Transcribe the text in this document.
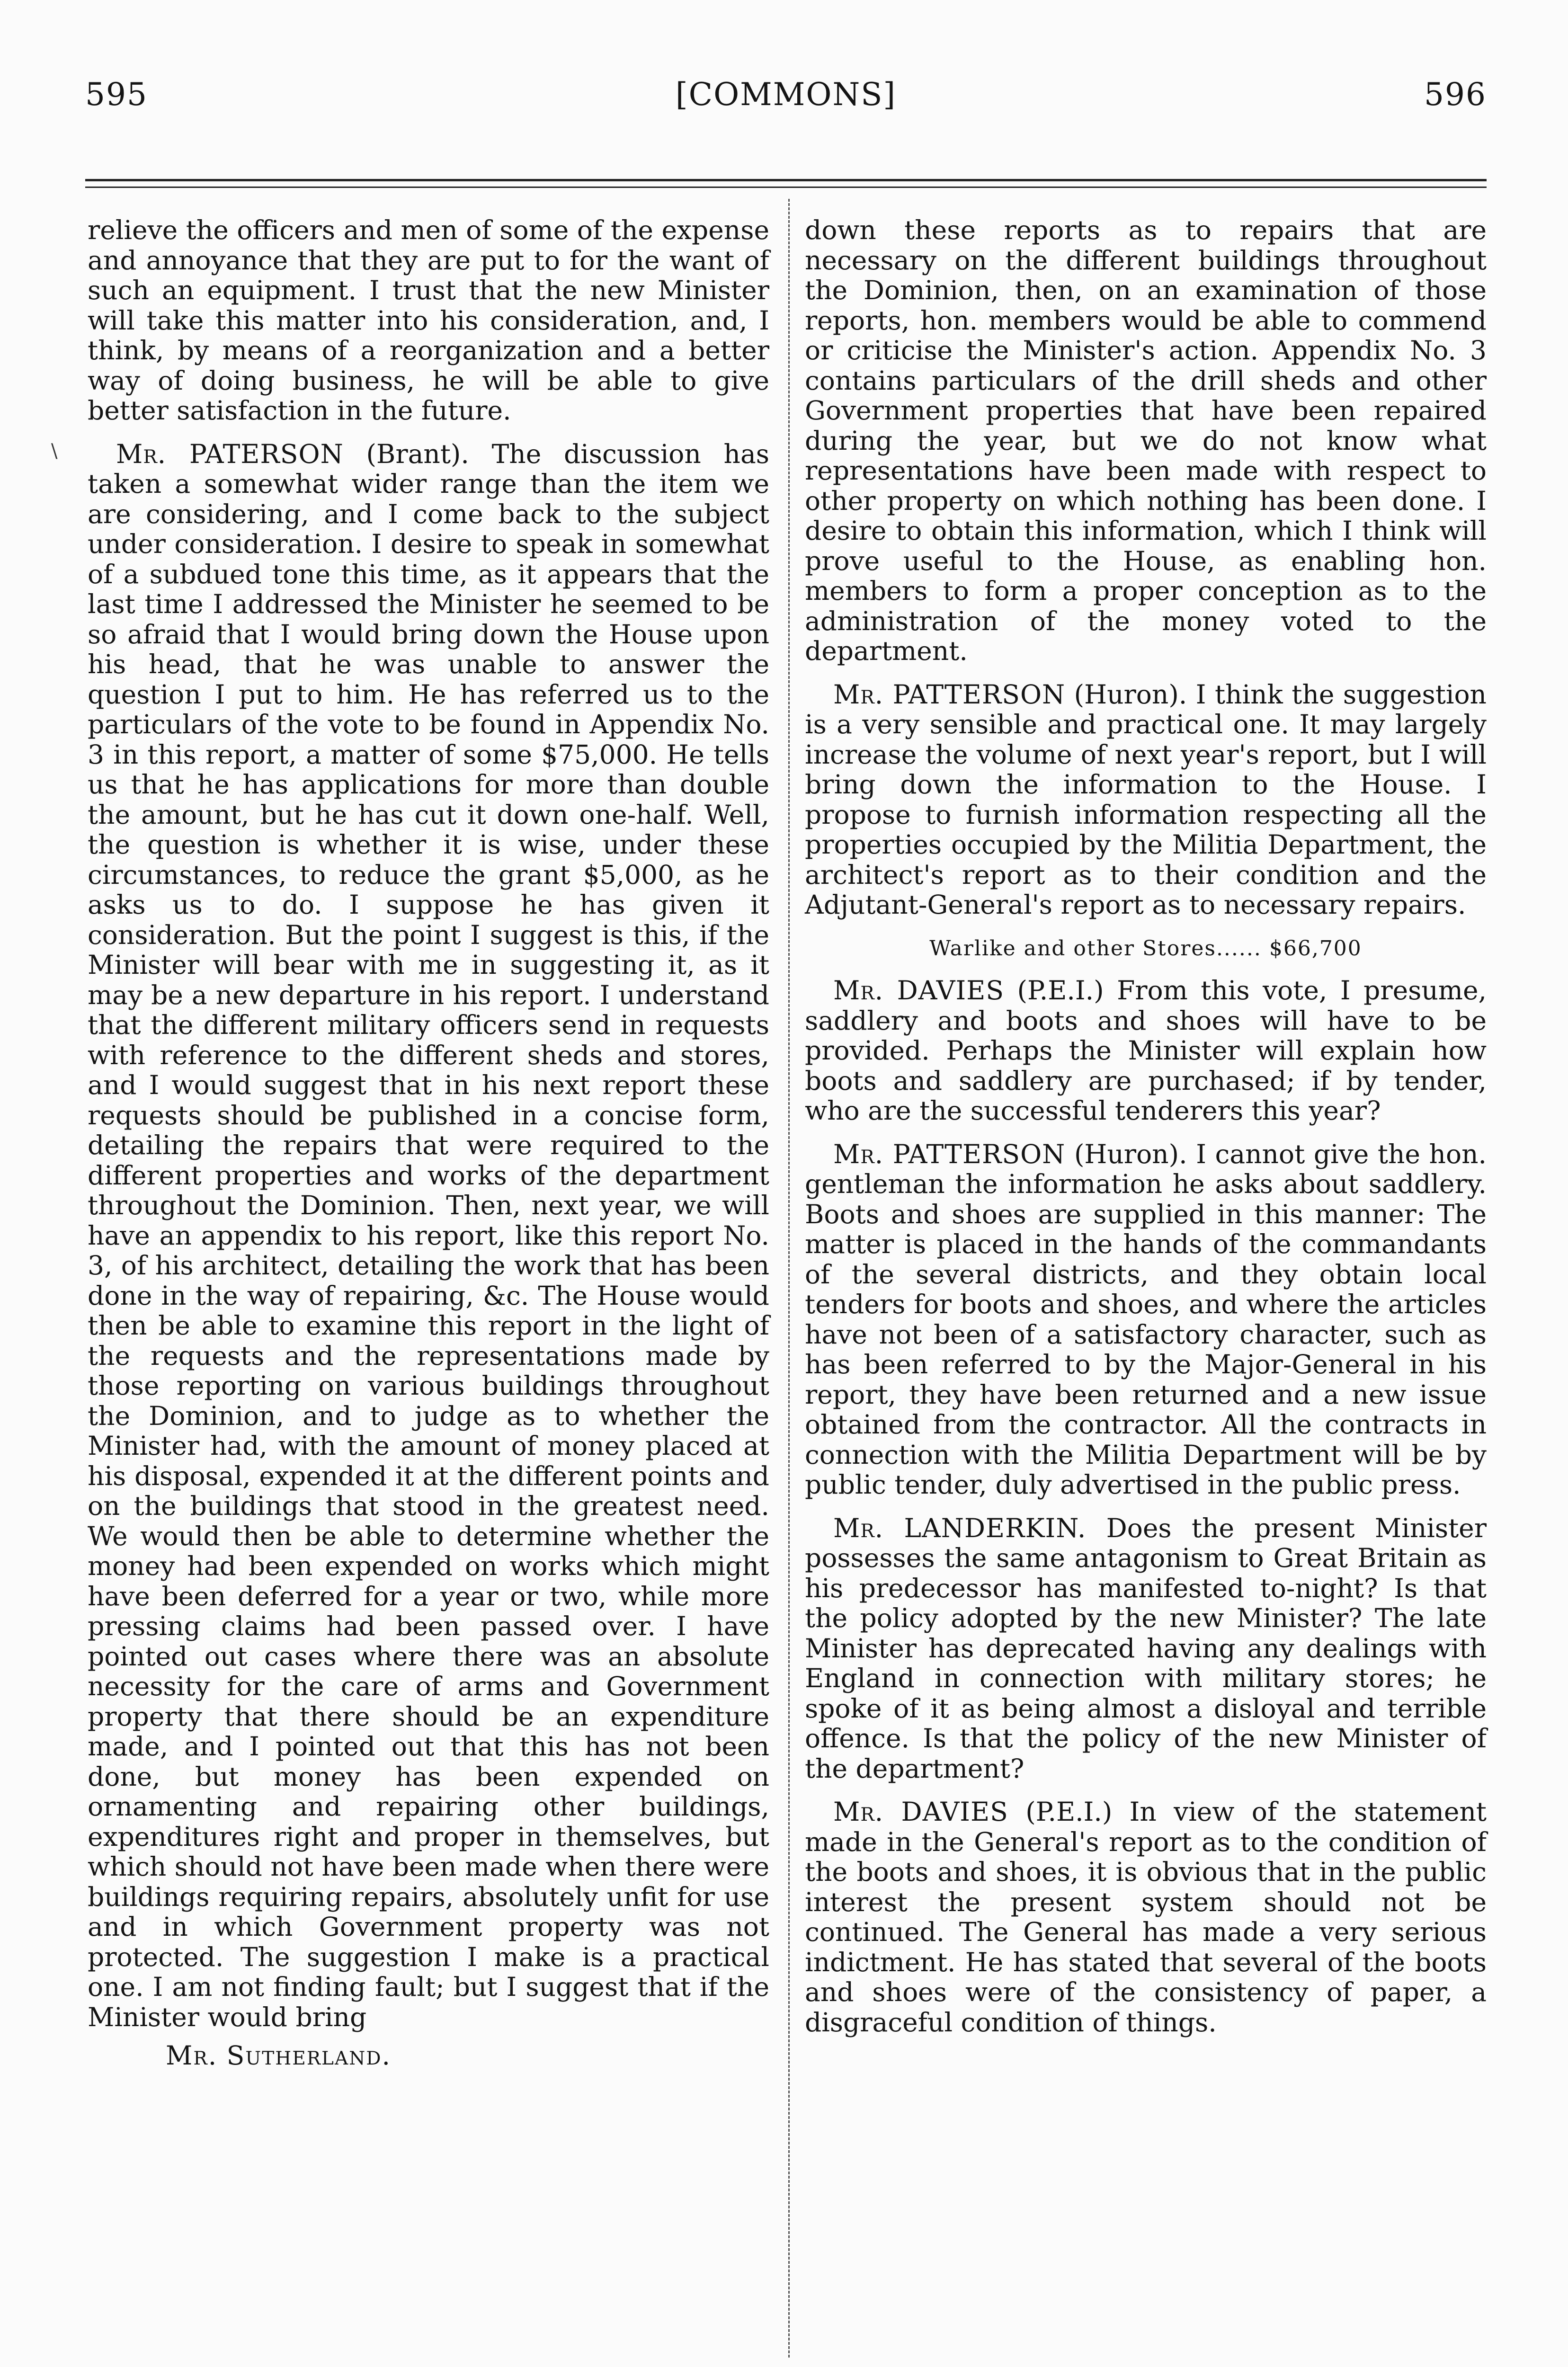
595	[COMMONS]	596
\

relieve the officers and men of some of the expense and annoyance that they are put to for the want of such an equipment. I trust that the new Minister will take this matter into his consideration, and, I think, by means of a reorganization and a better way of doing business, he will be able to give better satisfaction in the future.

Mr. PATERSON (Brant). The discussion has taken a somewhat wider range than the item we are considering, and I come back to the subject under consideration. I desire to speak in somewhat of a subdued tone this time, as it appears that the last time I addressed the Minister he seemed to be so afraid that I would bring down the House upon his head, that he was unable to answer the question I put to him. He has referred us to the particulars of the vote to be found in Appendix No. 3 in this report, a matter of some $75,000. He tells us that he has applications for more than double the amount, but he has cut it down one-half. Well, the question is whether it is wise, under these circumstances, to reduce the grant $5,000, as he asks us to do. I suppose he has given it consideration. But the point I suggest is this, if the Minister will bear with me in suggesting it, as it may be a new departure in his report. I understand that the different military officers send in requests with reference to the different sheds and stores, and I would suggest that in his next report these requests should be published in a concise form, detailing the repairs that were required to the different properties and works of the department throughout the Dominion. Then, next year, we will have an appendix to his report, like this report No. 3, of his architect, detailing the work that has been done in the way of repairing, &c. The House would then be able to examine this report in the light of the requests and the representations made by those reporting on various buildings throughout the Dominion, and to judge as to whether the Minister had, with the amount of money placed at his disposal, expended it at the different points and on the buildings that stood in the greatest need. We would then be able to determine whether the money had been expended on works which might have been deferred for a year or two, while more pressing claims had been passed over. I have pointed out cases where there was an absolute necessity for the care of arms and Government property that there should be an expenditure made, and I pointed out that this has not been done, but money has been expended on ornamenting and repairing other buildings, expenditures right and proper in themselves, but which should not have been made when there were buildings requiring repairs, absolutely unfit for use and in which Government property was not protected. The suggestion I make is a practical one. I am not finding fault; but I suggest that if the Minister would bring

Mr. Sutherland.

down these reports as to repairs that are necessary on the different buildings throughout the Dominion, then, on an examination of those reports, hon. members would be able to commend or criticise the Minister's action. Appendix No. 3 contains particulars of the drill sheds and other Government properties that have been repaired during the year, but we do not know what representations have been made with respect to other property on which nothing has been done. I desire to obtain this information, which I think will prove useful to the House, as enabling hon. members to form a proper conception as to the administration of the money voted to the department.

Mr. PATTERSON (Huron). I think the suggestion is a very sensible and practical one. It may largely increase the volume of next year's report, but I will bring down the information to the House. I propose to furnish information respecting all the properties occupied by the Militia Department, the architect's report as to their condition and the Adjutant-General's report as to necessary repairs.

Warlike and other Stores...... $66,700

Mr. DAVIES (P.E.I.) From this vote, I presume, saddlery and boots and shoes will have to be provided. Perhaps the Minister will explain how boots and saddlery are purchased; if by tender, who are the successful tenderers this year?

Mr. PATTERSON (Huron). I cannot give the hon. gentleman the information he asks about saddlery. Boots and shoes are supplied in this manner: The matter is placed in the hands of the commandants of the several districts, and they obtain local tenders for boots and shoes, and where the articles have not been of a satisfactory character, such as has been referred to by the Major-General in his report, they have been returned and a new issue obtained from the contractor. All the contracts in connection with the Militia Department will be by public tender, duly advertised in the public press.

Mr. LANDERKIN. Does the present Minister possesses the same antagonism to Great Britain as his predecessor has manifested to-night? Is that the policy adopted by the new Minister? The late Minister has deprecated having any dealings with England in connection with military stores; he spoke of it as being almost a disloyal and terrible offence. Is that the policy of the new Minister of the department?

Mr. DAVIES (P.E.I.) In view of the statement made in the General's report as to the condition of the boots and shoes, it is obvious that in the public interest the present system should not be continued. The General has made a very serious indictment. He has stated that several of the boots and shoes were of the consistency of paper, a disgraceful condition of things.
